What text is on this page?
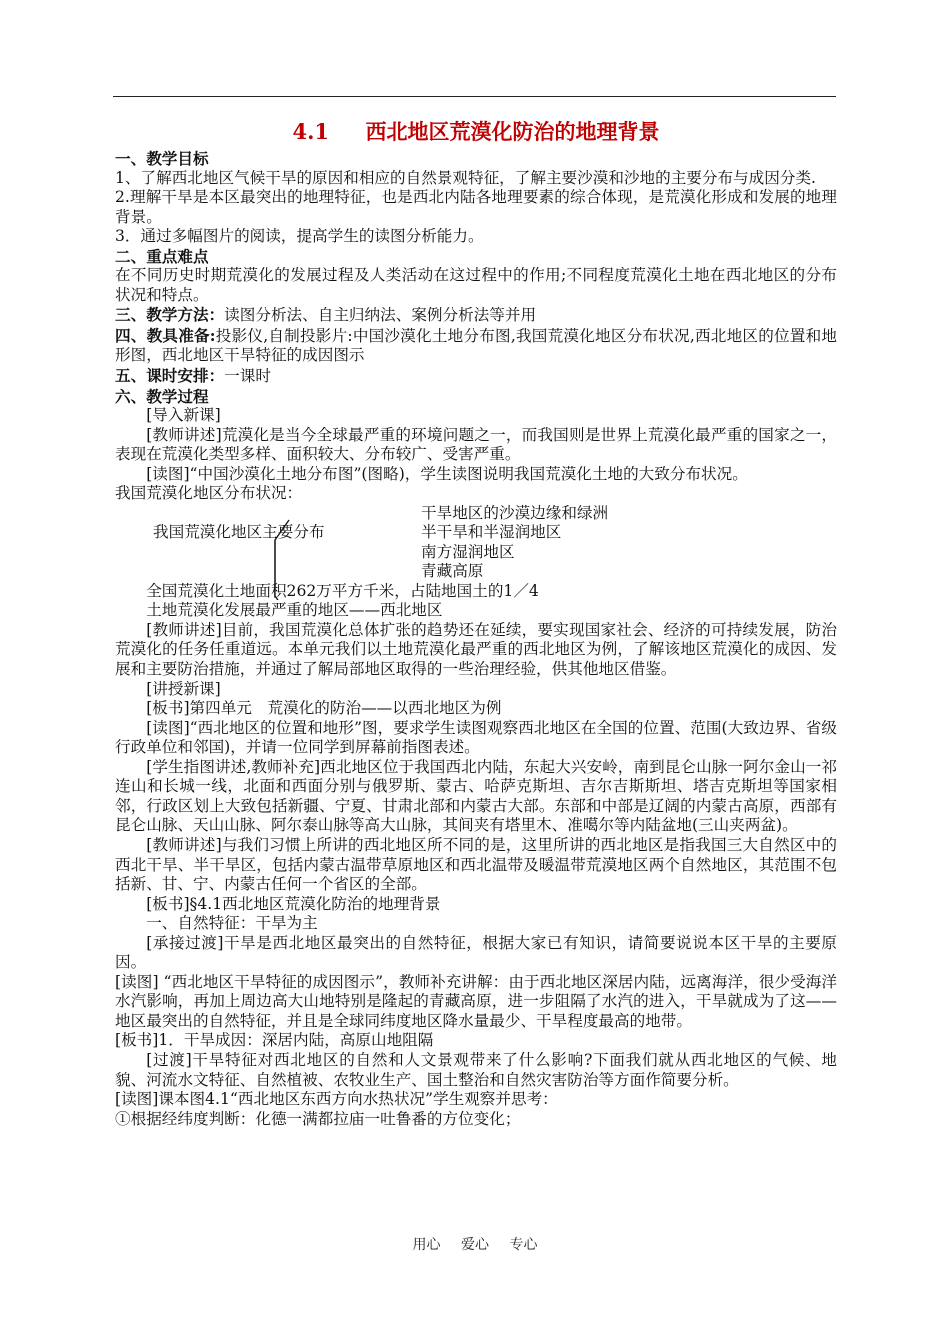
4.1     西北地区荒漠化防治的地理背景
一、教学目标

1、了解西北地区气候干旱的原因和相应的自然景观特征，了解主要沙漠和沙地的主要分布与成因分类.

2.理解干旱是本区最突出的地理特征，也是西北内陆各地理要素的综合体现，是荒漠化形成和发展的地理背景。

3．通过多幅图片的阅读，提高学生的读图分析能力。

二、重点难点

在不同历史时期荒漠化的发展过程及人类活动在这过程中的作用;不同程度荒漠化土地在西北地区的分布状况和特点。

三、教学方法：读图分析法、自主归纳法、案例分析法等并用

四、教具准备:投影仪,自制投影片:中国沙漠化土地分布图,我国荒漠化地区分布状况,西北地区的位置和地形图，西北地区干旱特征的成因图示

五、课时安排：一课时

六、教学过程

[导入新课]

[教师讲述]荒漠化是当今全球最严重的环境问题之一，而我国则是世界上荒漠化最严重的国家之一，表现在荒漠化类型多样、面积较大、分布较广、受害严重。

[读图]“中国沙漠化土地分布图”(图略)，学生读图说明我国荒漠化土地的大致分布状况。

我国荒漠化地区分布状况：

我国荒漠化地区主要分布
干旱地区的沙漠边缘和绿洲
半干旱和半湿润地区
南方湿润地区
青藏高原

全国荒漠化土地面积262万平方千米，占陆地国土的1／4

土地荒漠化发展最严重的地区——西北地区

[教师讲述]目前，我国荒漠化总体扩张的趋势还在延续，要实现国家社会、经济的可持续发展，防治荒漠化的任务任重道远。本单元我们以土地荒漠化最严重的西北地区为例，了解该地区荒漠化的成因、发展和主要防治措施，并通过了解局部地区取得的一些治理经验，供其他地区借鉴。

[讲授新课]

[板书]第四单元　荒漠化的防治——以西北地区为例

[读图]“西北地区的位置和地形”图，要求学生读图观察西北地区在全国的位置、范围(大致边界、省级行政单位和邻国)，并请一位同学到屏幕前指图表述。

[学生指图讲述,教师补充]西北地区位于我国西北内陆，东起大兴安岭，南到昆仑山脉一阿尔金山一祁连山和长城一线，北面和西面分别与俄罗斯、蒙古、哈萨克斯坦、吉尔吉斯斯坦、塔吉克斯坦等国家相邻，行政区划上大致包括新疆、宁夏、甘肃北部和内蒙古大部。东部和中部是辽阔的内蒙古高原，西部有昆仑山脉、天山山脉、阿尔泰山脉等高大山脉，其间夹有塔里木、准噶尔等内陆盆地(三山夹两盆)。

[教师讲述]与我们习惯上所讲的西北地区所不同的是，这里所讲的西北地区是指我国三大自然区中的西北干旱、半干旱区，包括内蒙古温带草原地区和西北温带及暖温带荒漠地区两个自然地区，其范围不包括新、甘、宁、内蒙古任何一个省区的全部。

[板书]§4.1西北地区荒漠化防治的地理背景

一、自然特征：干旱为主

[承接过渡]干旱是西北地区最突出的自然特征，根据大家已有知识，请简要说说本区干旱的主要原因。

[读图] “西北地区干旱特征的成因图示”，教师补充讲解：由于西北地区深居内陆，远离海洋，很少受海洋水汽影响，再加上周边高大山地特别是隆起的青藏高原，进一步阻隔了水汽的进入，干旱就成为了这——地区最突出的自然特征，并且是全球同纬度地区降水量最少、干旱程度最高的地带。

[板书]1．干旱成因：深居内陆，高原山地阻隔

[过渡]干旱特征对西北地区的自然和人文景观带来了什么影响?下面我们就从西北地区的气候、地貌、河流水文特征、自然植被、农牧业生产、国土整治和自然灾害防治等方面作简要分析。

[读图]课本图4.1“西北地区东西方向水热状况”学生观察并思考：

①根据经纬度判断：化德一满都拉庙一吐鲁番的方位变化；

用心 爱心 专心
